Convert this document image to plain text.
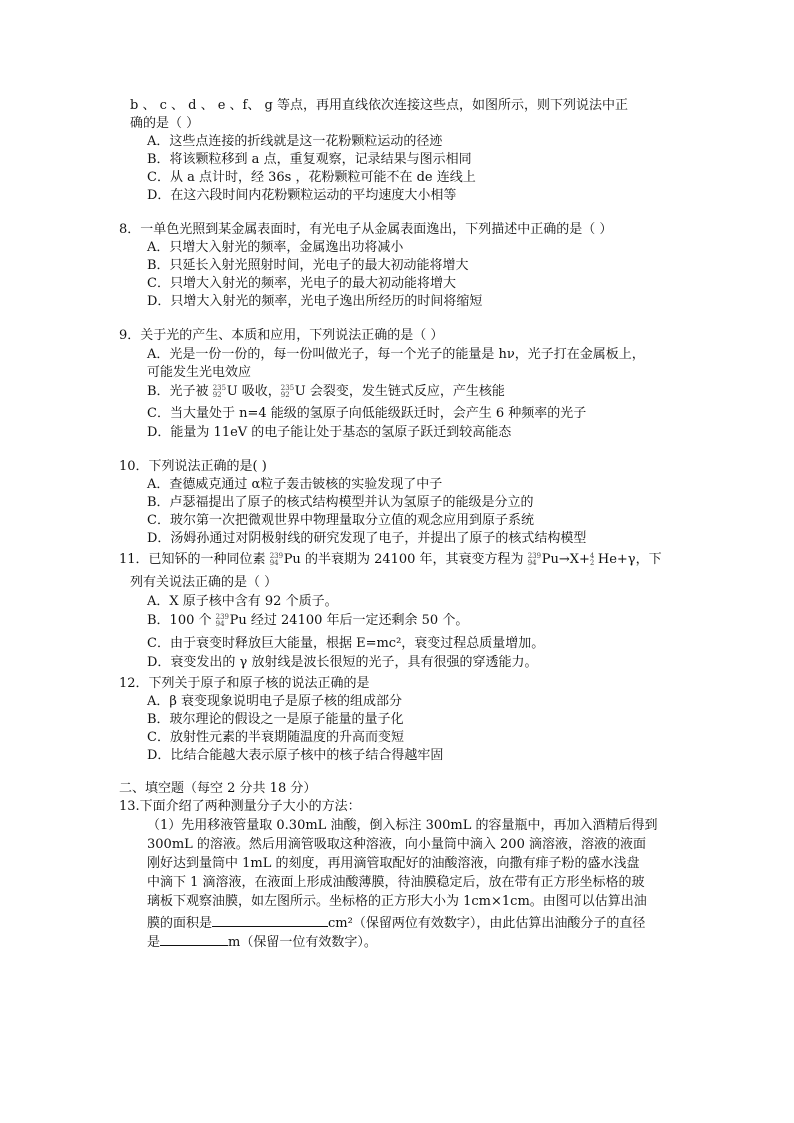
b 、 c 、 d 、 e 、f、 g 等点，再用直线依次连接这些点，如图所示，则下列说法中正
确的是（ ）
A．这些点连接的折线就是这一花粉颗粒运动的径迹
B．将该颗粒移到 a 点，重复观察，记录结果与图示相同
C．从 a 点计时，经 36s ，花粉颗粒可能不在 de 连线上
D．在这六段时间内花粉颗粒运动的平均速度大小相等
8．一单色光照到某金属表面时，有光电子从金属表面逸出，下列描述中正确的是（ ）
A．只增大入射光的频率，金属逸出功将减小
B．只延长入射光照射时间，光电子的最大初动能将增大
C．只增大入射光的频率，光电子的最大初动能将增大
D．只增大入射光的频率，光电子逸出所经历的时间将缩短
9．关于光的产生、本质和应用，下列说法正确的是（ ）
A．光是一份一份的，每一份叫做光子，每一个光子的能量是 hν，光子打在金属板上，
可能发生光电效应
B．光子被 235
92 U 吸收， 235
92 U 会裂变，发生链式反应，产生核能
C．当大量处于 n=4 能级的氢原子向低能级跃迁时，会产生 6 种频率的光子
D．能量为 11eV 的电子能让处于基态的氢原子跃迁到较高能态
10．下列说法正确的是( )
A．查德威克通过 α粒子轰击铍核的实验发现了中子
B．卢瑟福提出了原子的核式结构模型并认为氢原子的能级是分立的
C．玻尔第一次把微观世界中物理量取分立值的观念应用到原子系统
D．汤姆孙通过对阴极射线的研究发现了电子，并提出了原子的核式结构模型
11．已知钚的一种同位素 239
94 Pu 的半衰期为 24100 年，其衰变方程为 239
94 Pu→X+ 4
2 He+γ，下
列有关说法正确的是（ ）
A．X 原子核中含有 92 个质子。
B．100 个 239
94 Pu 经过 24100 年后一定还剩余 50 个。
C．由于衰变时释放巨大能量，根据 E=mc²，衰变过程总质量增加。
D．衰变发出的 γ 放射线是波长很短的光子，具有很强的穿透能力。
12．下列关于原子和原子核的说法正确的是
A．β 衰变现象说明电子是原子核的组成部分
B．玻尔理论的假设之一是原子能量的量子化
C．放射性元素的半衰期随温度的升高而变短
D．比结合能越大表示原子核中的核子结合得越牢固
二、填空题（每空 2 分共 18 分）
13.下面介绍了两种测量分子大小的方法：
（1）先用移液管量取 0.30mL 油酸，倒入标注 300mL 的容量瓶中，再加入酒精后得到
300mL 的溶液。然后用滴管吸取这种溶液，向小量筒中滴入 200 滴溶液，溶液的液面
刚好达到量筒中 1mL 的刻度，再用滴管取配好的油酸溶液，向撒有痱子粉的盛水浅盘
中滴下 1 滴溶液，在液面上形成油酸薄膜，待油膜稳定后，放在带有正方形坐标格的玻
璃板下观察油膜，如左图所示。坐标格的正方形大小为 1cm×1cm。由图可以估算出油
膜的面积是	cm²（保留两位有效数字），由此估算出油酸分子的直径
是	m（保留一位有效数字）。
